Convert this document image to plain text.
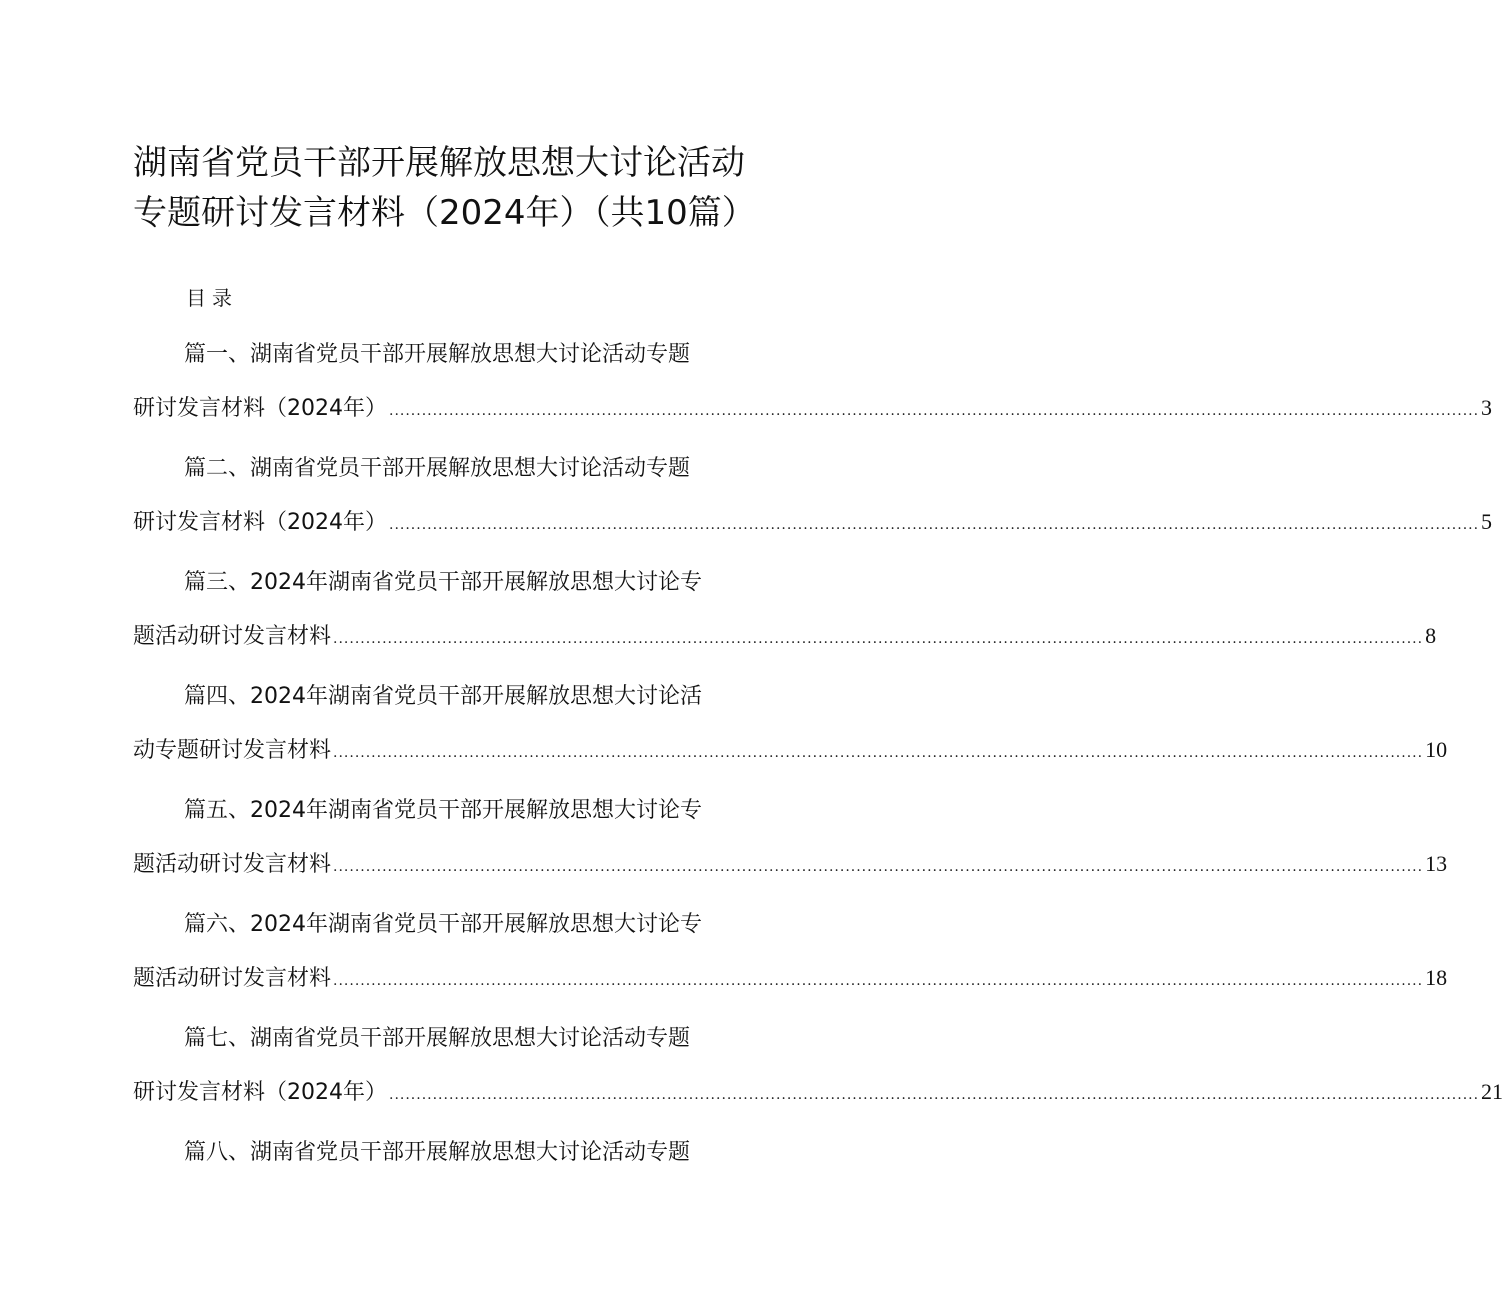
湖南省党员干部开展解放思想大讨论活动
专题研讨发言材料（2024年）（共10篇）
目录
篇一、湖南省党员干部开展解放思想大讨论活动专题
研讨发言材料（2024年） ........................................................................................................................................................................................................ 3
篇二、湖南省党员干部开展解放思想大讨论活动专题
研讨发言材料（2024年） ........................................................................................................................................................................................................ 5
篇三、2024年湖南省党员干部开展解放思想大讨论专
题活动研讨发言材料 ........................................................................................................................................................................................................ 8
篇四、2024年湖南省党员干部开展解放思想大讨论活
动专题研讨发言材料 ........................................................................................................................................................................................................ 10
篇五、2024年湖南省党员干部开展解放思想大讨论专
题活动研讨发言材料 ........................................................................................................................................................................................................ 13
篇六、2024年湖南省党员干部开展解放思想大讨论专
题活动研讨发言材料 ........................................................................................................................................................................................................ 18
篇七、湖南省党员干部开展解放思想大讨论活动专题
研讨发言材料（2024年） ........................................................................................................................................................................................................ 21
篇八、湖南省党员干部开展解放思想大讨论活动专题
